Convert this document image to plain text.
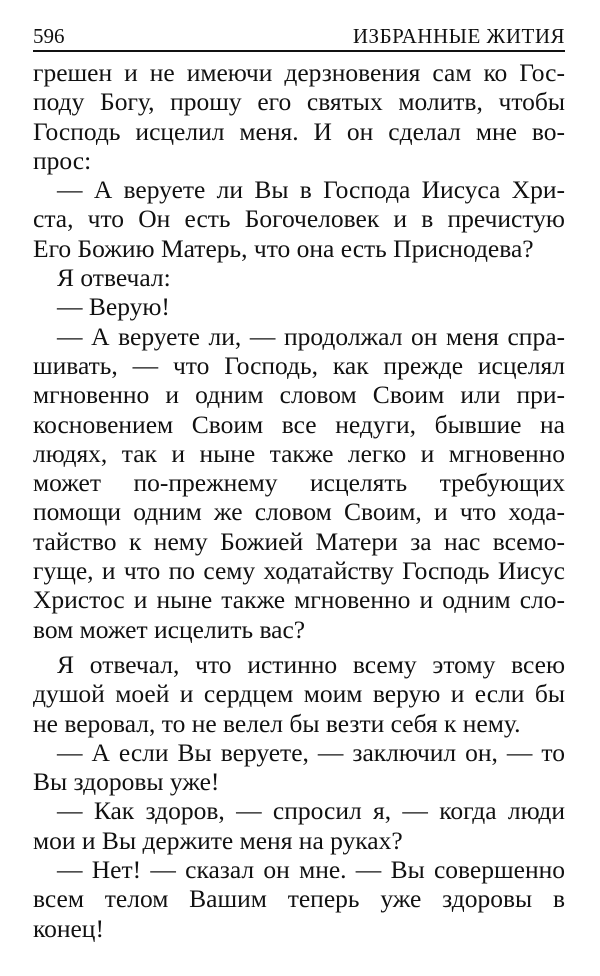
596	ИЗБРАННЫЕ ЖИТИЯ
грешен и не имеючи дерзновения сам ко Гос-
поду Богу, прошу его святых молитв, чтобы
Господь исцелил меня. И он сделал мне во-
прос:
— А веруете ли Вы в Господа Иисуса Хри-
ста, что Он есть Богочеловек и в пречистую
Его Божию Матерь, что она есть Приснодева?
Я отвечал:
— Верую!
— А веруете ли, — продолжал он меня спра-
шивать, — что Господь, как прежде исцелял
мгновенно и одним словом Своим или при-
косновением Своим все недуги, бывшие на
людях, так и ныне также легко и мгновенно
может по-прежнему исцелять требующих
помощи одним же словом Своим, и что хода-
тайство к нему Божией Матери за нас всемо-
гуще, и что по сему ходатайству Господь Иисус
Христос и ныне также мгновенно и одним сло-
вом может исцелить вас?
Я отвечал, что истинно всему этому всею
душой моей и сердцем моим верую и если бы
не веровал, то не велел бы везти себя к нему.
— А если Вы веруете, — заключил он, — то
Вы здоровы уже!
— Как здоров, — спросил я, — когда люди
мои и Вы держите меня на руках?
— Нет! — сказал он мне. — Вы совершенно
всем телом Вашим теперь уже здоровы в
конец!
